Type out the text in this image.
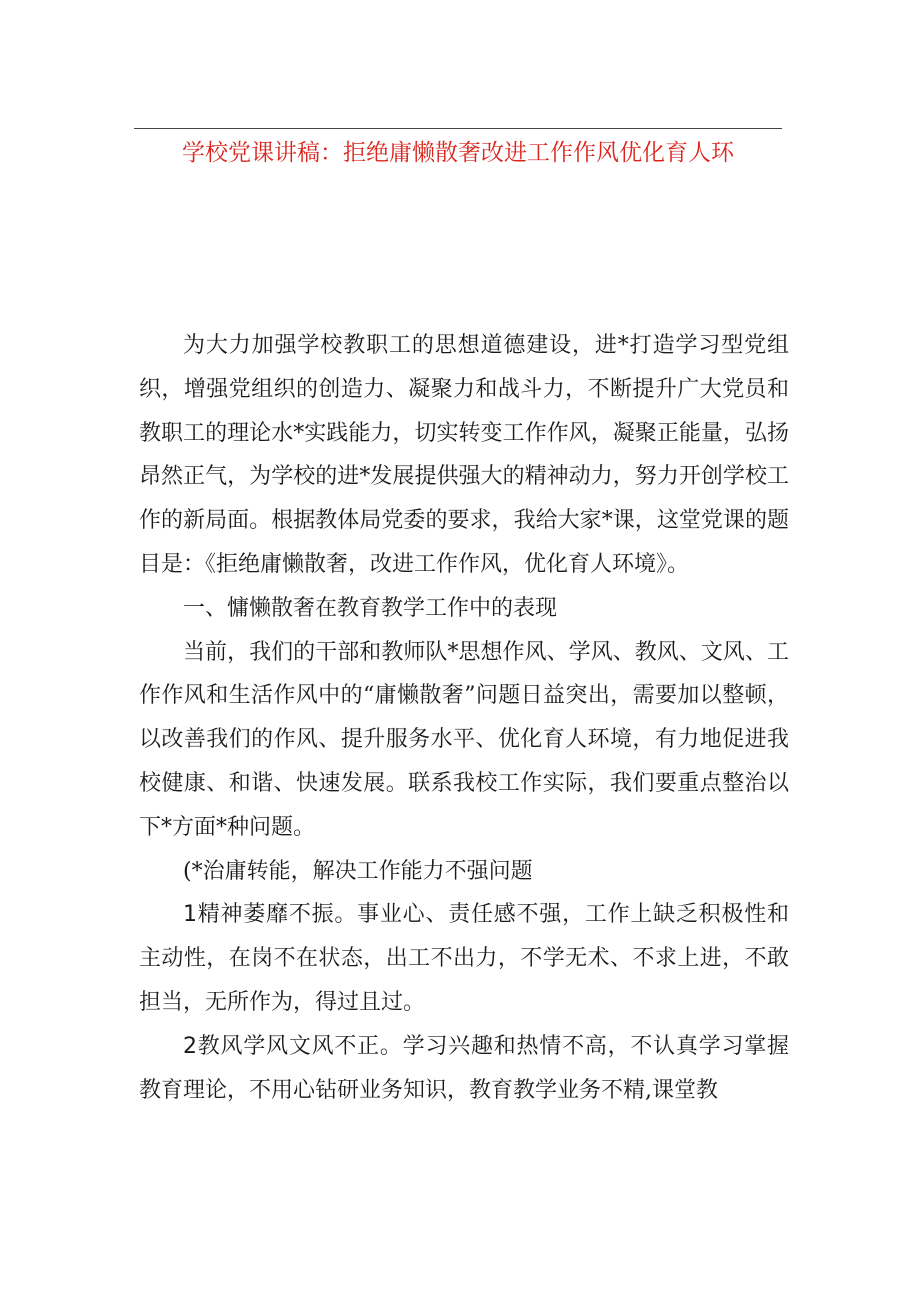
学校党课讲稿：拒绝庸懒散奢改进工作作风优化育人环

为大力加强学校教职工的思想道德建设，进*打造学习型党组织，增强党组织的创造力、凝聚力和战斗力，不断提升广大党员和教职工的理论水*实践能力，切实转变工作作风，凝聚正能量，弘扬昂然正气，为学校的进*发展提供强大的精神动力，努力开创学校工作的新局面。根据教体局党委的要求，我给大家*课，这堂党课的题目是：《拒绝庸懒散奢，改进工作作风，优化育人环境》。

一、慵懒散奢在教育教学工作中的表现

当前，我们的干部和教师队*思想作风、学风、教风、文风、工作作风和生活作风中的“庸懒散奢”问题日益突出，需要加以整顿，以改善我们的作风、提升服务水平、优化育人环境，有力地促进我校健康、和谐、快速发展。联系我校工作实际，我们要重点整治以下*方面*种问题。

(*治庸转能，解决工作能力不强问题

1精神萎靡不振。事业心、责任感不强，工作上缺乏积极性和主动性，在岗不在状态，出工不出力，不学无术、不求上进，不敢担当，无所作为，得过且过。

2教风学风文风不正。学习兴趣和热情不高，不认真学习掌握教育理论，不用心钻研业务知识，教育教学业务不精,课堂教
